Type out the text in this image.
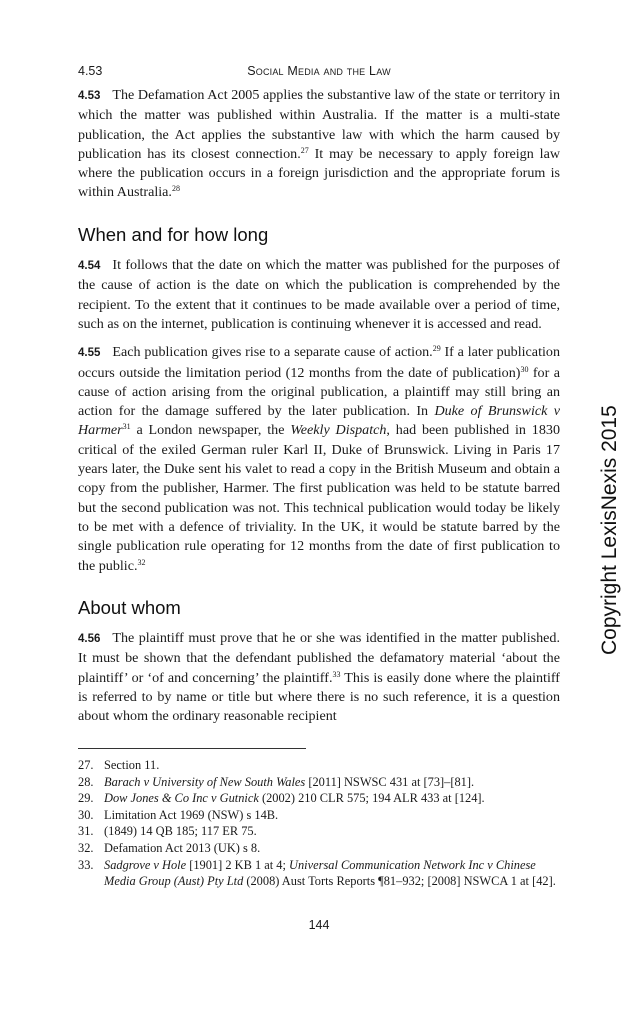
4.53	Social Media and the Law

4.53 The Defamation Act 2005 applies the substantive law of the state or territory in which the matter was published within Australia. If the matter is a multi-state publication, the Act applies the substantive law with which the harm caused by publication has its closest connection.$^{27}$ It may be necessary to apply foreign law where the publication occurs in a foreign jurisdiction and the appropriate forum is within Australia.$^{28}$

When and for how long

4.54 It follows that the date on which the matter was published for the purposes of the cause of action is the date on which the publication is comprehended by the recipient. To the extent that it continues to be made available over a period of time, such as on the internet, publication is continuing whenever it is accessed and read.

4.55 Each publication gives rise to a separate cause of action.$^{29}$ If a later publication occurs outside the limitation period (12 months from the date of publication)$^{30}$ for a cause of action arising from the original publication, a plaintiff may still bring an action for the damage suffered by the later publication. In Duke of Brunswick v Harmer$^{31}$ a London newspaper, the Weekly Dispatch, had been published in 1830 critical of the exiled German ruler Karl II, Duke of Brunswick. Living in Paris 17 years later, the Duke sent his valet to read a copy in the British Museum and obtain a copy from the publisher, Harmer. The first publication was held to be statute barred but the second publication was not. This technical publication would today be likely to be met with a defence of triviality. In the UK, it would be statute barred by the single publication rule operating for 12 months from the date of first publication to the public.$^{32}$

About whom

4.56 The plaintiff must prove that he or she was identified in the matter published. It must be shown that the defendant published the defamatory material ‘about the plaintiff’ or ‘of and concerning’ the plaintiff.$^{33}$ This is easily done where the plaintiff is referred to by name or title but where there is no such reference, it is a question about whom the ordinary reasonable recipient

27. Section 11.
28. Barach v University of New South Wales [2011] NSWSC 431 at [73]–[81].
29. Dow Jones & Co Inc v Gutnick (2002) 210 CLR 575; 194 ALR 433 at [124].
30. Limitation Act 1969 (NSW) s 14B.
31. (1849) 14 QB 185; 117 ER 75.
32. Defamation Act 2013 (UK) s 8.
33. Sadgrove v Hole [1901] 2 KB 1 at 4; Universal Communication Network Inc v Chinese Media Group (Aust) Pty Ltd (2008) Aust Torts Reports ¶81–932; [2008] NSWCA 1 at [42].
144
Copyright LexisNexis 2015
